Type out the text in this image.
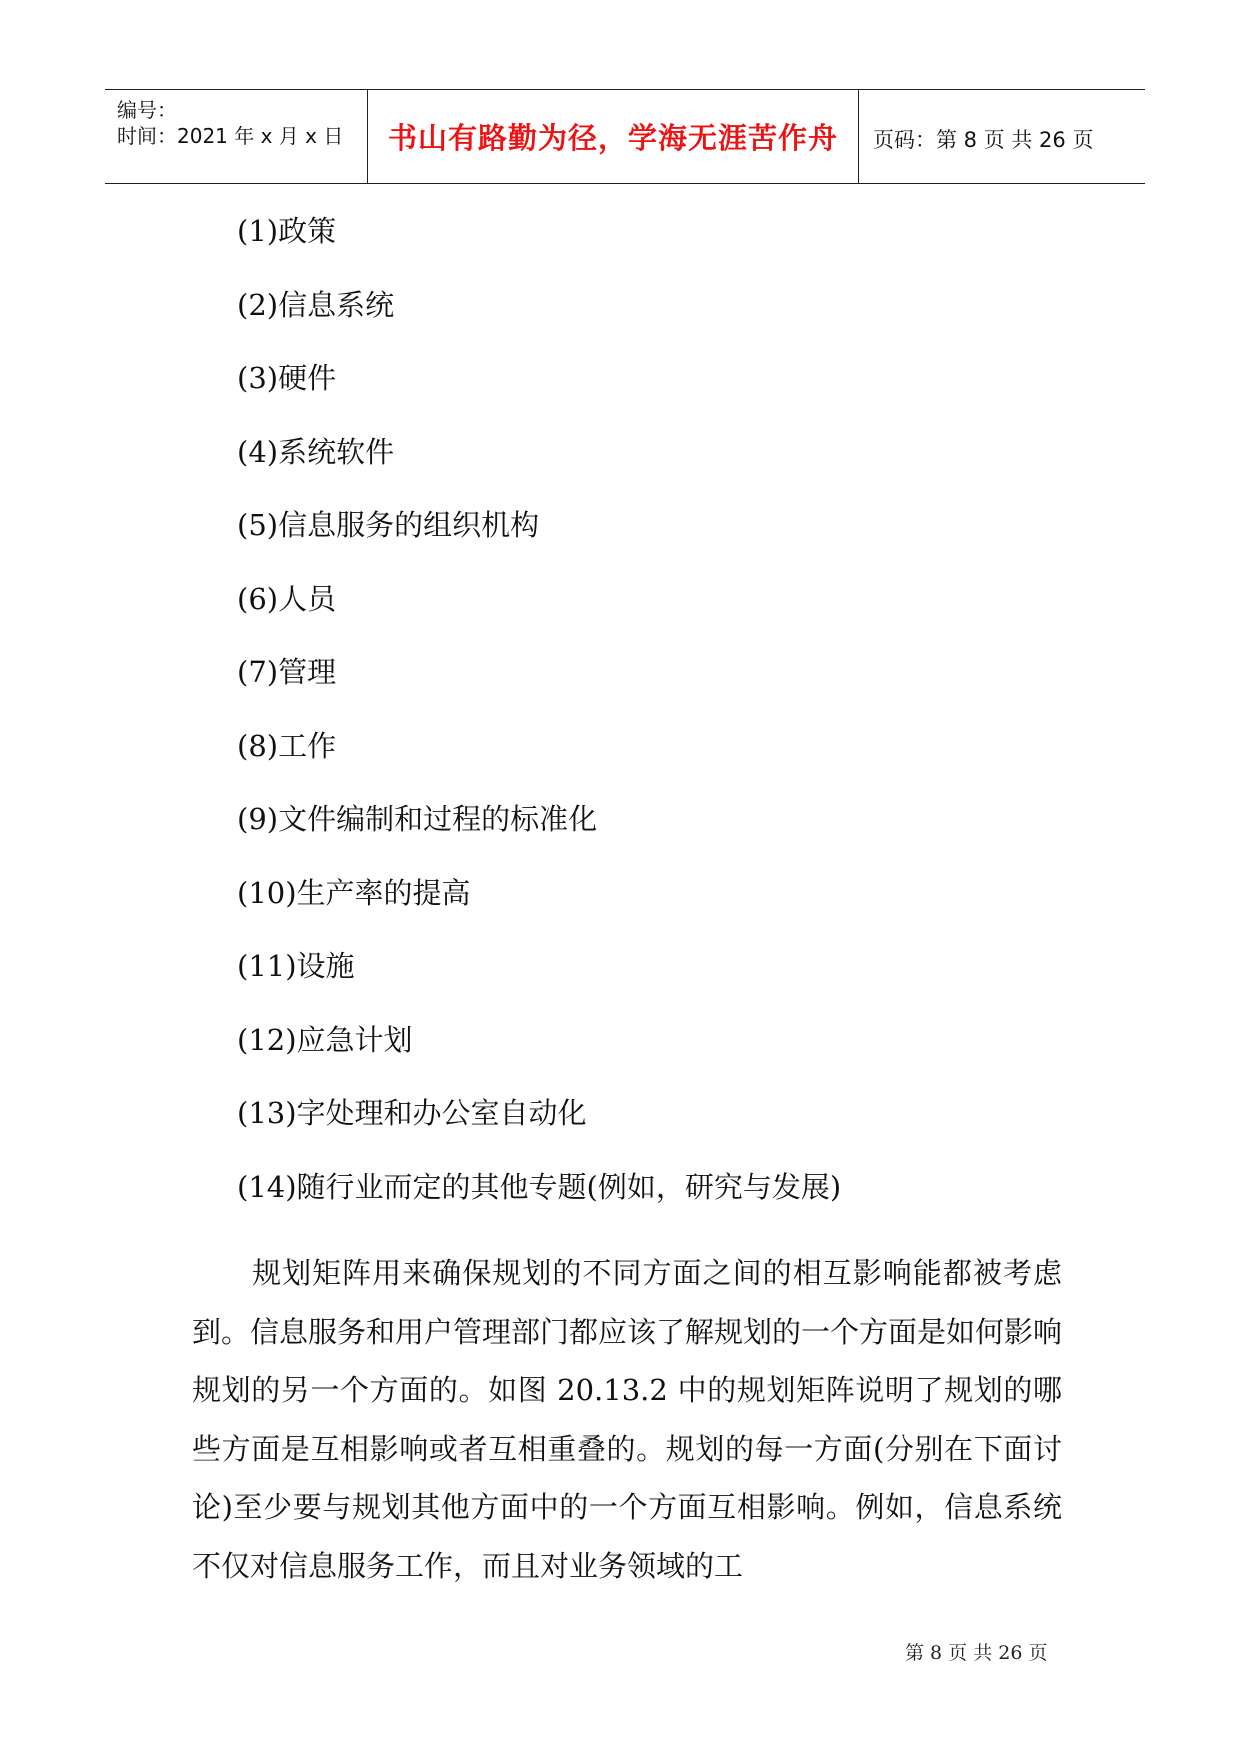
编号：
时间：2021 年 x 月 x 日	书山有路勤为径，学海无涯苦作舟	页码：第 8 页 共 26 页
(1)政策
(2)信息系统
(3)硬件
(4)系统软件
(5)信息服务的组织机构
(6)人员
(7)管理
(8)工作
(9)文件编制和过程的标准化
(10)生产率的提高
(11)设施
(12)应急计划
(13)字处理和办公室自动化
(14)随行业而定的其他专题(例如，研究与发展)

　　规划矩阵用来确保规划的不同方面之间的相互影响能都被考虑到。信息服务和用户管理部门都应该了解规划的一个方面是如何影响规划的另一个方面的。如图 20.13.2 中的规划矩阵说明了规划的哪些方面是互相影响或者互相重叠的。规划的每一方面(分别在下面讨论)至少要与规划其他方面中的一个方面互相影响。例如，信息系统不仅对信息服务工作，而且对业务领域的工

第 8 页 共 26 页
